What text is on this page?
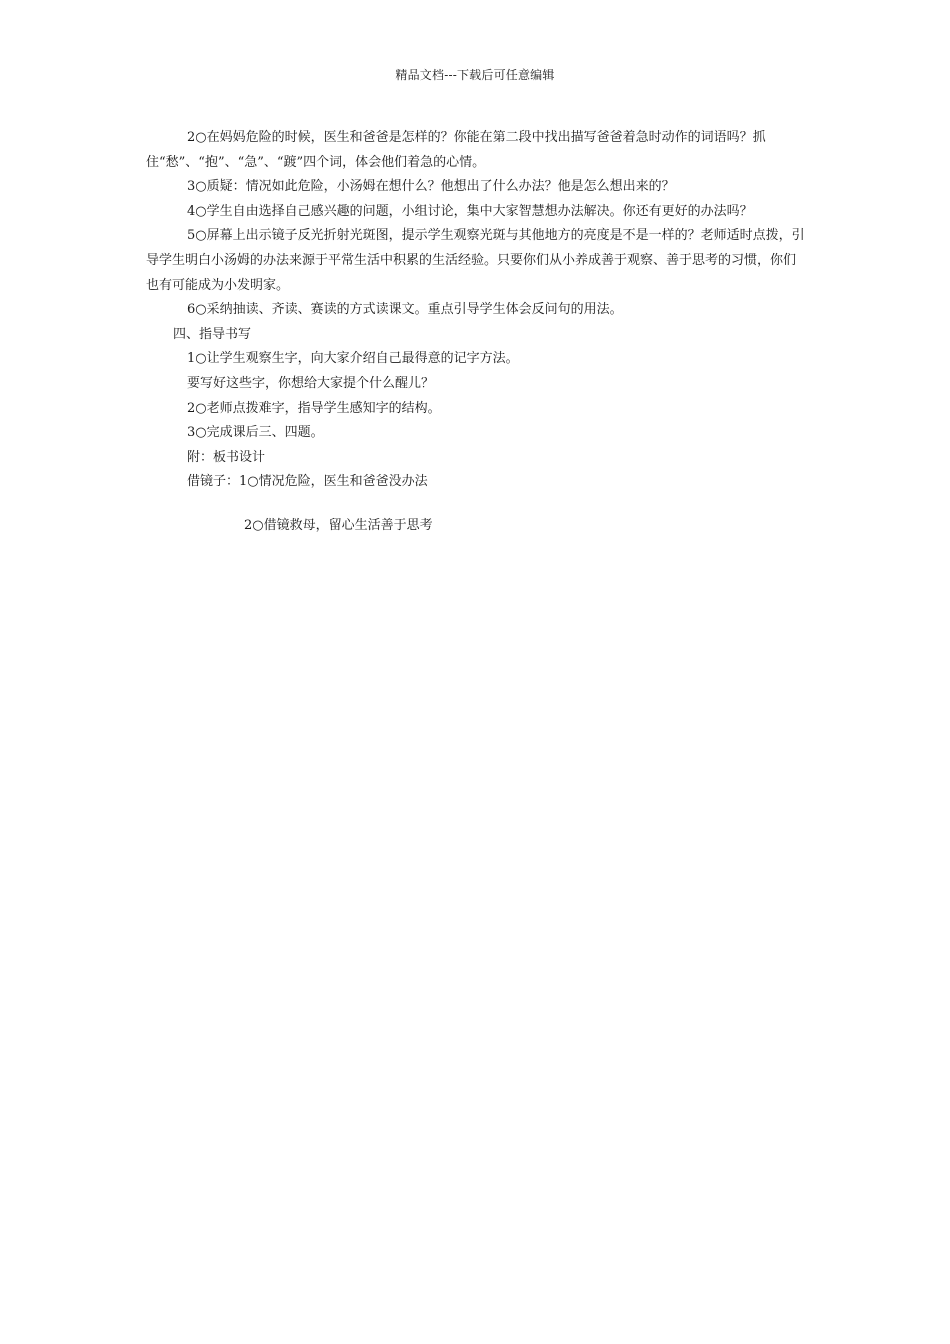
精品文档---下载后可任意编辑

2○在妈妈危险的时候，医生和爸爸是怎样的？你能在第二段中找出描写爸爸着急时动作的词语吗？抓住“愁”、“抱”、“急”、“踱”四个词，体会他们着急的心情。

3○质疑：情况如此危险，小汤姆在想什么？他想出了什么办法？他是怎么想出来的？

4○学生自由选择自己感兴趣的问题，小组讨论，集中大家智慧想办法解决。你还有更好的办法吗？

5○屏幕上出示镜子反光折射光斑图，提示学生观察光斑与其他地方的亮度是不是一样的？老师适时点拨，引导学生明白小汤姆的办法来源于平常生活中积累的生活经验。只要你们从小养成善于观察、善于思考的习惯，你们也有可能成为小发明家。

6○采纳抽读、齐读、赛读的方式读课文。重点引导学生体会反问句的用法。

四、指导书写

1○让学生观察生字，向大家介绍自己最得意的记字方法。

要写好这些字，你想给大家提个什么醒儿？

2○老师点拨难字，指导学生感知字的结构。

3○完成课后三、四题。

附：板书设计

借镜子：1○情况危险，医生和爸爸没办法

2○借镜救母，留心生活善于思考
